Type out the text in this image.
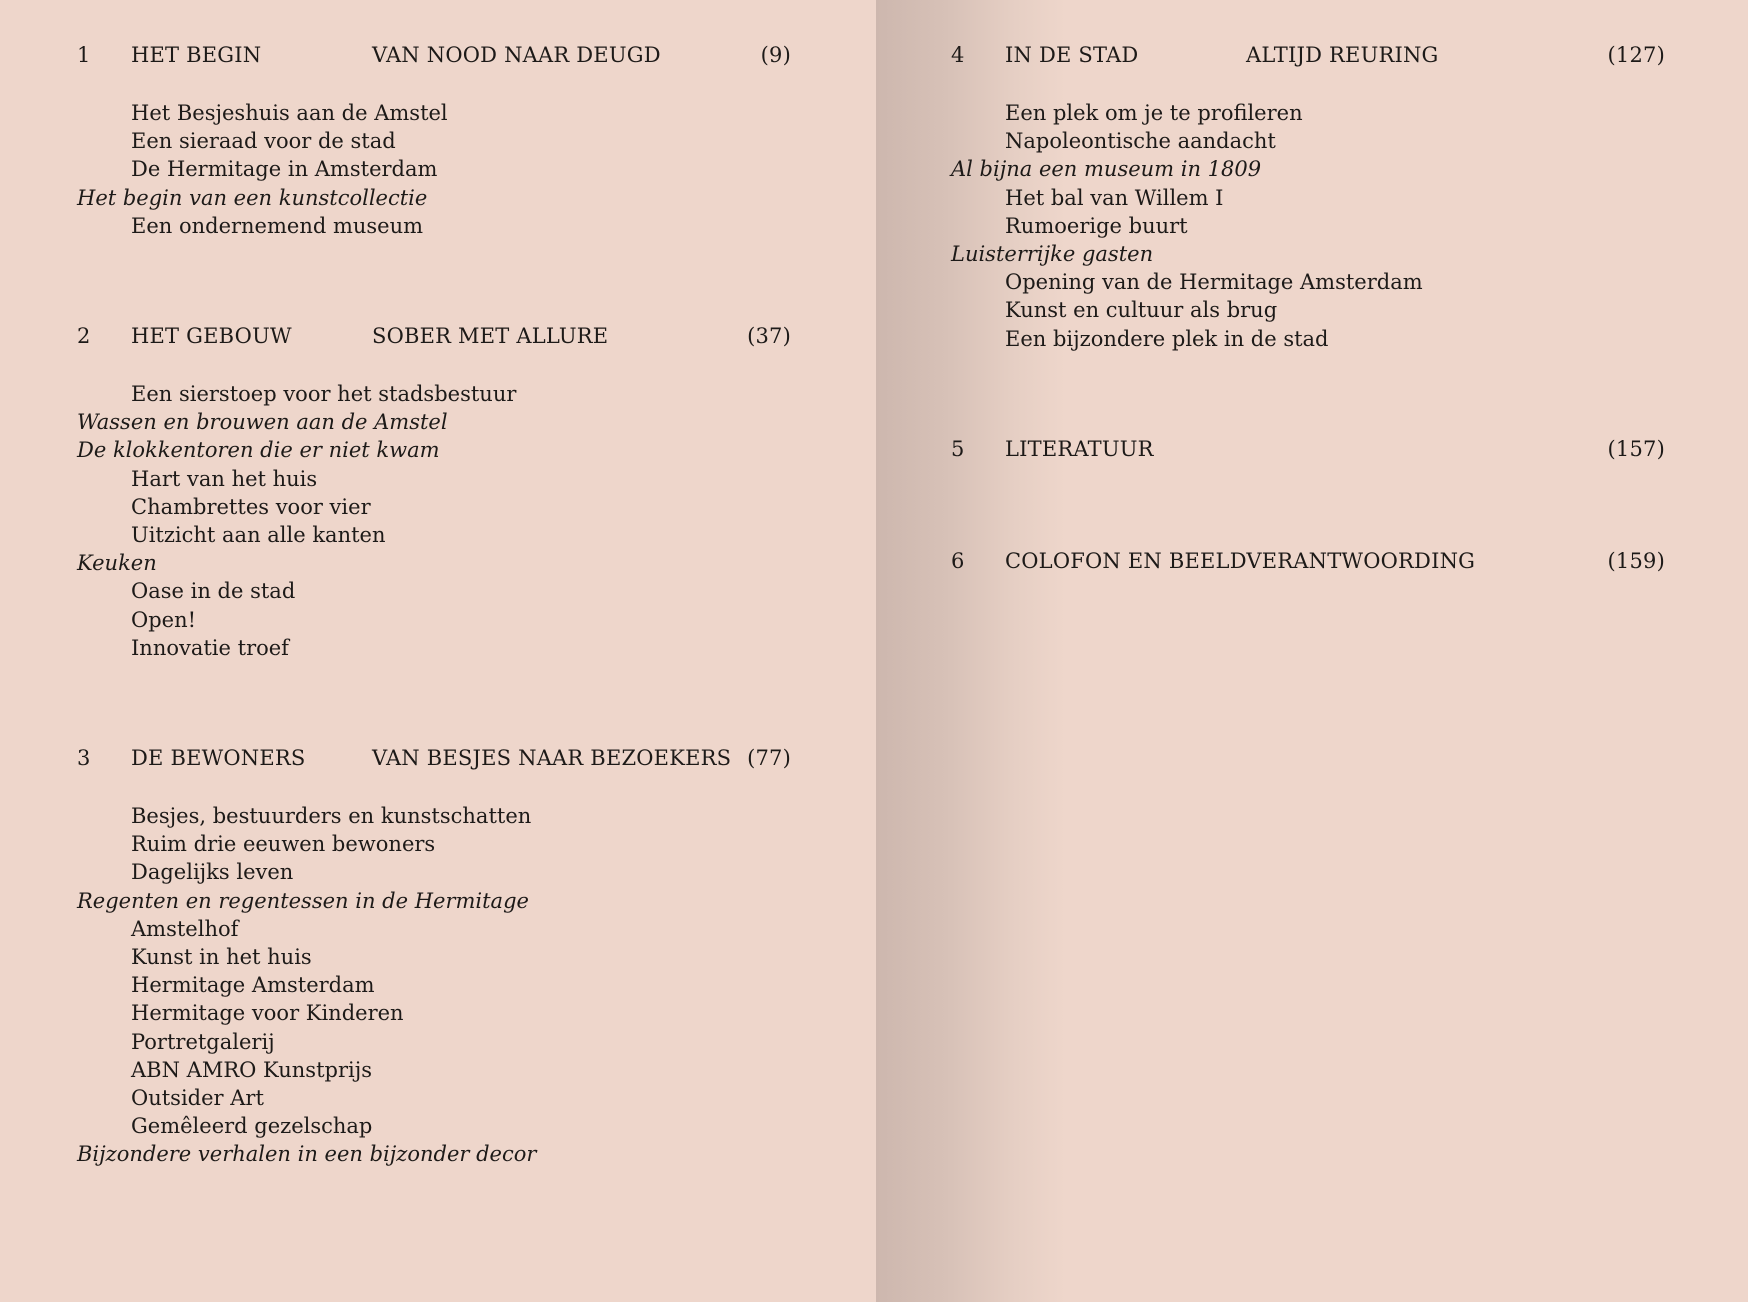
1 HET BEGIN	VAN NOOD NAAR DEUGD	(9)
Het Besjeshuis aan de Amstel
Een sieraad voor de stad
De Hermitage in Amsterdam
Het begin van een kunstcollectie
Een ondernemend museum
2 HET GEBOUW	SOBER MET ALLURE	(37)
Een sierstoep voor het stadsbestuur
Wassen en brouwen aan de Amstel
De klokkentoren die er niet kwam
Hart van het huis
Chambrettes voor vier
Uitzicht aan alle kanten
Keuken
Oase in de stad
Open!
Innovatie troef
3 DE BEWONERS	VAN BESJES NAAR BEZOEKERS (77)
Besjes, bestuurders en kunstschatten
Ruim drie eeuwen bewoners
Dagelijks leven
Regenten en regentessen in de Hermitage
Amstelhof
Kunst in het huis
Hermitage Amsterdam
Hermitage voor Kinderen
Portretgalerij
ABN AMRO Kunstprijs
Outsider Art
Gemêleerd gezelschap
Bijzondere verhalen in een bijzonder decor
4 IN DE STAD	ALTIJD REURING	(127)
Een plek om je te profileren
Napoleontische aandacht
Al bijna een museum in 1809
Het bal van Willem I
Rumoerige buurt
Luisterrijke gasten
Opening van de Hermitage Amsterdam
Kunst en cultuur als brug
Een bijzondere plek in de stad
5 LITERATUUR	(157)
6 COLOFON EN BEELDVERANTWOORDING	(159)
